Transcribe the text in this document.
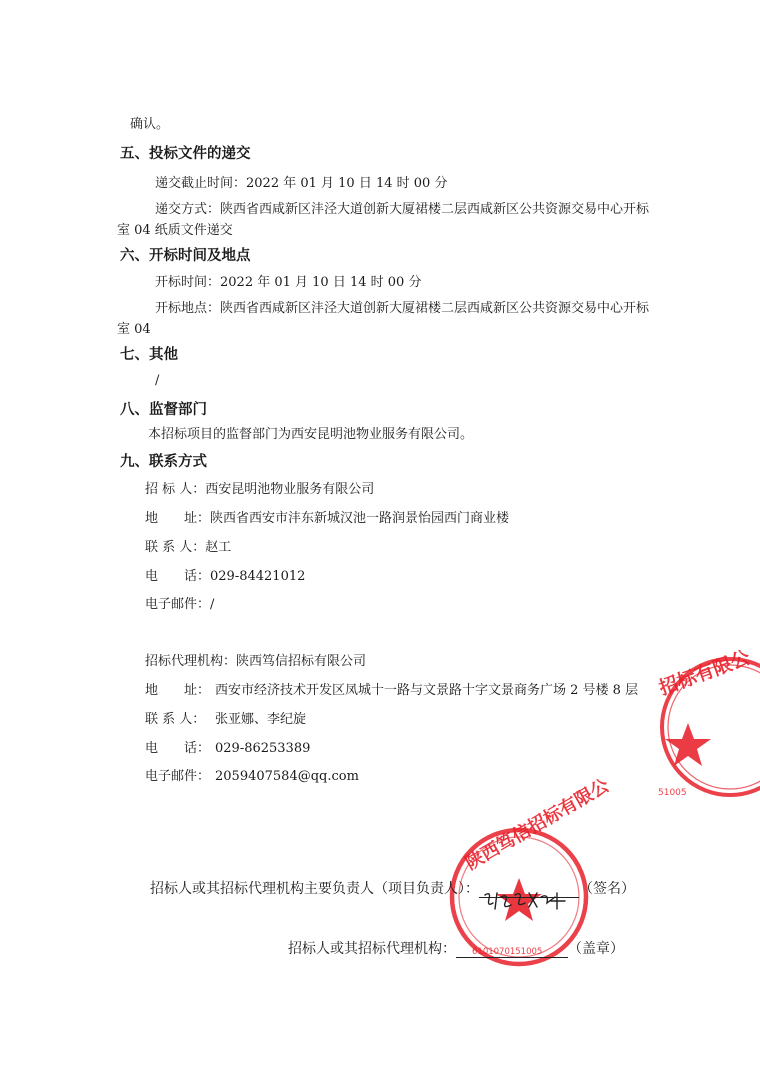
确认。
五、投标文件的递交
递交截止时间：2022 年 01 月 10 日 14 时 00 分
递交方式：陕西省西咸新区沣泾大道创新大厦裙楼二层西咸新区公共资源交易中心开标
室 04 纸质文件递交
六、开标时间及地点
开标时间：2022 年 01 月 10 日 14 时 00 分
开标地点：陕西省西咸新区沣泾大道创新大厦裙楼二层西咸新区公共资源交易中心开标
室 04
七、其他
/
八、监督部门
本招标项目的监督部门为西安昆明池物业服务有限公司。
九、联系方式
招 标 人：西安昆明池物业服务有限公司
地　　址：陕西省西安市沣东新城汉池一路润景怡园西门商业楼
联 系 人：赵工
电　　话：029-84421012
电子邮件：/
招标代理机构：陕西笃信招标有限公司
地　　址： 西安市经济技术开发区凤城十一路与文景路十字文景商务广场 2 号楼 8 层
联 系 人： 张亚娜、李纪旋
电　　话： 029-86253389
电子邮件： 2059407584@qq.com
招标有限公
51005
陕西笃信招标有限公
6101070151005
招标人或其招标代理机构主要负责人（项目负责人）：	（签名）
招标人或其招标代理机构：	（盖章）
